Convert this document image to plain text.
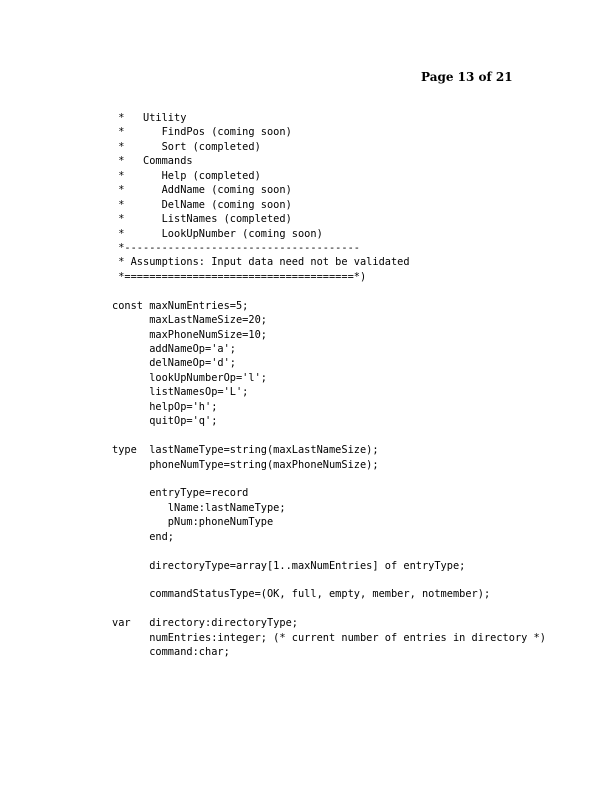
Page 13 of 21
*   Utility
*      FindPos (coming soon)
*      Sort (completed)
*   Commands
*      Help (completed)
*      AddName (coming soon)
*      DelName (coming soon)
*      ListNames (completed)
*      LookUpNumber (coming soon)
*--------------------------------------
* Assumptions: Input data need not be validated
*=====================================*)
const maxNumEntries=5;
maxLastNameSize=20;
maxPhoneNumSize=10;
addNameOp='a';
delNameOp='d';
lookUpNumberOp='l';
listNamesOp='L';
helpOp='h';
quitOp='q';
type  lastNameType=string(maxLastNameSize);
phoneNumType=string(maxPhoneNumSize);
entryType=record
lName:lastNameType;
pNum:phoneNumType
end;
directoryType=array[1..maxNumEntries] of entryType;
commandStatusType=(OK, full, empty, member, notmember);
var   directory:directoryType;
numEntries:integer; (* current number of entries in directory *)
command:char;
